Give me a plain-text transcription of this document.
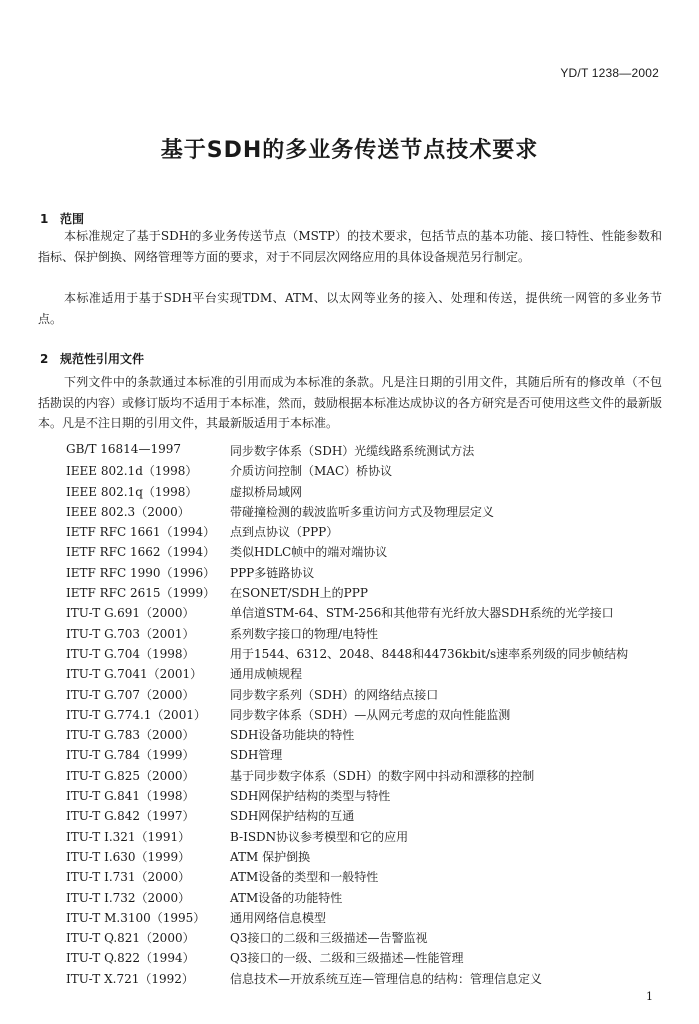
YD/T 1238—2002
基于SDH的多业务传送节点技术要求
1 范围

本标准规定了基于SDH的多业务传送节点（MSTP）的技术要求，包括节点的基本功能、接口特性、性能参数和指标、保护倒换、网络管理等方面的要求，对于不同层次网络应用的具体设备规范另行制定。

本标准适用于基于SDH平台实现TDM、ATM、以太网等业务的接入、处理和传送，提供统一网管的多业务节点。

2 规范性引用文件

下列文件中的条款通过本标准的引用而成为本标准的条款。凡是注日期的引用文件，其随后所有的修改单（不包括勘误的内容）或修订版均不适用于本标准，然而，鼓励根据本标准达成协议的各方研究是否可使用这些文件的最新版本。凡是不注日期的引用文件，其最新版适用于本标准。

GB/T 16814—1997	同步数字体系（SDH）光缆线路系统测试方法
IEEE 802.1d（1998）	介质访问控制（MAC）桥协议
IEEE 802.1q（1998）	虚拟桥局域网
IEEE 802.3（2000）	带碰撞检测的载波监听多重访问方式及物理层定义
IETF RFC 1661（1994）	点到点协议（PPP）
IETF RFC 1662（1994）	类似HDLC帧中的端对端协议
IETF RFC 1990（1996）	PPP多链路协议
IETF RFC 2615（1999）	在SONET/SDH上的PPP
ITU-T G.691（2000）	单信道STM-64、STM-256和其他带有光纤放大器SDH系统的光学接口
ITU-T G.703（2001）	系列数字接口的物理/电特性
ITU-T G.704（1998）	用于1544、6312、2048、8448和44736kbit/s速率系列级的同步帧结构
ITU-T G.7041（2001）	通用成帧规程
ITU-T G.707（2000）	同步数字系列（SDH）的网络结点接口
ITU-T G.774.1（2001）	同步数字体系（SDH）—从网元考虑的双向性能监测
ITU-T G.783（2000）	SDH设备功能块的特性
ITU-T G.784（1999）	SDH管理
ITU-T G.825（2000）	基于同步数字体系（SDH）的数字网中抖动和漂移的控制
ITU-T G.841（1998）	SDH网保护结构的类型与特性
ITU-T G.842（1997）	SDH网保护结构的互通
ITU-T I.321（1991）	B-ISDN协议参考模型和它的应用
ITU-T I.630（1999）	ATM 保护倒换
ITU-T I.731（2000）	ATM设备的类型和一般特性
ITU-T I.732（2000）	ATM设备的功能特性
ITU-T M.3100（1995）	通用网络信息模型
ITU-T Q.821（2000）	Q3接口的二级和三级描述—告警监视
ITU-T Q.822（1994）	Q3接口的一级、二级和三级描述—性能管理
ITU-T X.721（1992）	信息技术—开放系统互连—管理信息的结构：管理信息定义
1
